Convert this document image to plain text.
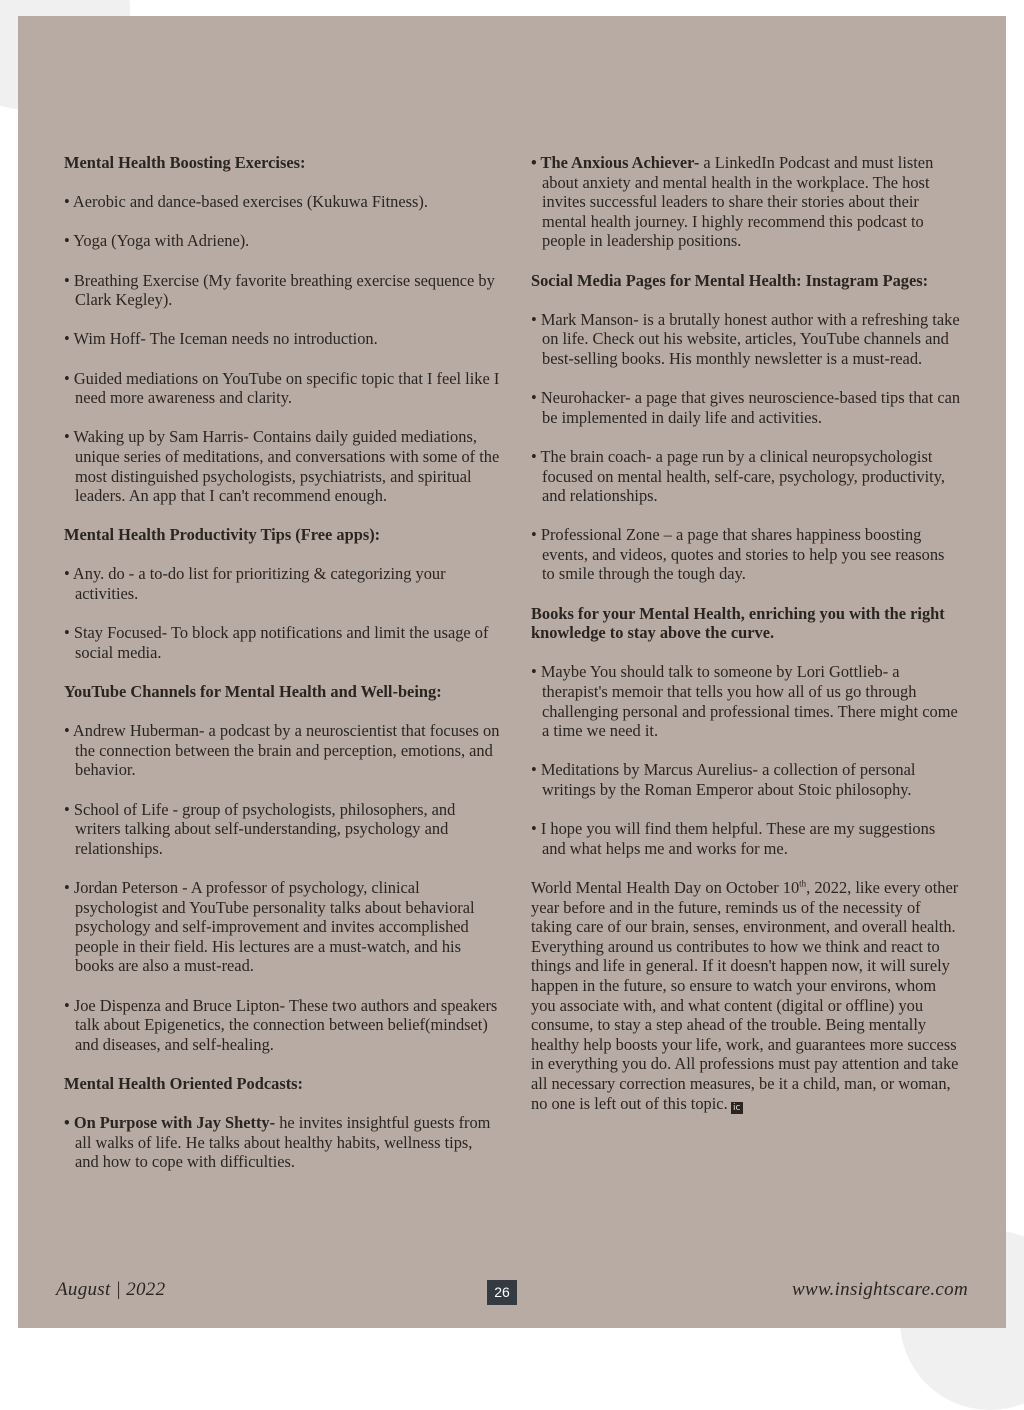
Mental Health Boosting Exercises:

• Aerobic and dance-based exercises (Kukuwa Fitness).

• Yoga (Yoga with Adriene).

• Breathing Exercise (My favorite breathing exercise sequence by Clark Kegley).

• Wim Hoff- The Iceman needs no introduction.

• Guided mediations on YouTube on specific topic that I feel like I need more awareness and clarity.

• Waking up by Sam Harris- Contains daily guided mediations, unique series of meditations, and conversations with some of the most distinguished psychologists, psychiatrists, and spiritual leaders. An app that I can't recommend enough.

Mental Health Productivity Tips (Free apps):

• Any. do - a to-do list for prioritizing & categorizing your activities.

• Stay Focused- To block app notifications and limit the usage of social media.

YouTube Channels for Mental Health and Well-being:

• Andrew Huberman- a podcast by a neuroscientist that focuses on the connection between the brain and perception, emotions, and behavior.

• School of Life - group of psychologists, philosophers, and writers talking about self-understanding, psychology and relationships.

• Jordan Peterson - A professor of psychology, clinical psychologist and YouTube personality talks about behavioral psychology and self-improvement and invites accomplished people in their field. His lectures are a must-watch, and his books are also a must-read.

• Joe Dispenza and Bruce Lipton- These two authors and speakers talk about Epigenetics, the connection between belief(mindset) and diseases, and self-healing.

Mental Health Oriented Podcasts:

• On Purpose with Jay Shetty- he invites insightful guests from all walks of life. He talks about healthy habits, wellness tips, and how to cope with difficulties.

• The Anxious Achiever- a LinkedIn Podcast and must listen about anxiety and mental health in the workplace. The host invites successful leaders to share their stories about their mental health journey. I highly recommend this podcast to people in leadership positions.

Social Media Pages for Mental Health: Instagram Pages:

• Mark Manson- is a brutally honest author with a refreshing take on life. Check out his website, articles, YouTube channels and best-selling books. His monthly newsletter is a must-read.

• Neurohacker- a page that gives neuroscience-based tips that can be implemented in daily life and activities.

• The brain coach- a page run by a clinical neuropsychologist focused on mental health, self-care, psychology, productivity, and relationships.

• Professional Zone – a page that shares happiness boosting events, and videos, quotes and stories to help you see reasons to smile through the tough day.

Books for your Mental Health, enriching you with the right knowledge to stay above the curve.

• Maybe You should talk to someone by Lori Gottlieb- a therapist's memoir that tells you how all of us go through challenging personal and professional times. There might come a time we need it.

• Meditations by Marcus Aurelius- a collection of personal writings by the Roman Emperor about Stoic philosophy.

• I hope you will find them helpful. These are my suggestions and what helps me and works for me.

World Mental Health Day on October 10th, 2022, like every other year before and in the future, reminds us of the necessity of taking care of our brain, senses, environment, and overall health. Everything around us contributes to how we think and react to things and life in general. If it doesn't happen now, it will surely happen in the future, so ensure to watch your environs, whom you associate with, and what content (digital or offline) you consume, to stay a step ahead of the trouble. Being mentally healthy help boosts your life, work, and guarantees more success in everything you do. All professions must pay attention and take all necessary correction measures, be it a child, man, or woman, no one is left out of this topic. ic

August | 2022	26	www.insightscare.com
